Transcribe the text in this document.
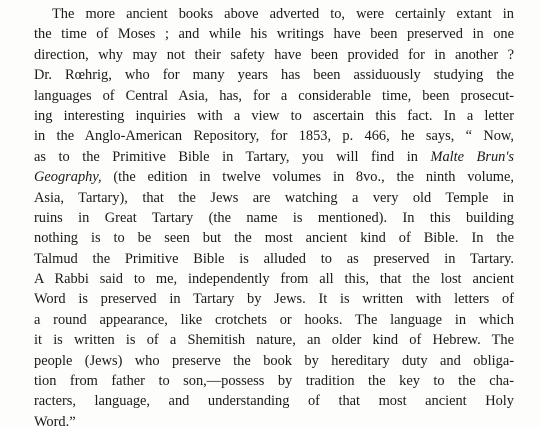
The more ancient books above adverted to, were certainly extant in
the time of Moses ; and while his writings have been preserved in one
direction, why may not their safety have been provided for in another ?
Dr. Rœhrig, who for many years has been assiduously studying the
languages of Central Asia, has, for a considerable time, been prosecut-
ing interesting inquiries with a view to ascertain this fact. In a letter
in the Anglo-American Repository, for 1853, p. 466, he says, “ Now,
as to the Primitive Bible in Tartary, you will find in Malte Brun's
Geography, (the edition in twelve volumes in 8vo., the ninth volume,
Asia, Tartary), that the Jews are watching a very old Temple in
ruins in Great Tartary (the name is mentioned). In this building
nothing is to be seen but the most ancient kind of Bible. In the
Talmud the Primitive Bible is alluded to as preserved in Tartary.
A Rabbi said to me, independently from all this, that the lost ancient
Word is preserved in Tartary by Jews. It is written with letters of
a round appearance, like crotchets or hooks. The language in which
it is written is of a Shemitish nature, an older kind of Hebrew. The
people (Jews) who preserve the book by hereditary duty and obliga-
tion from father to son,—possess by tradition the key to the cha-
racters, language, and understanding of that most ancient Holy
Word.”
